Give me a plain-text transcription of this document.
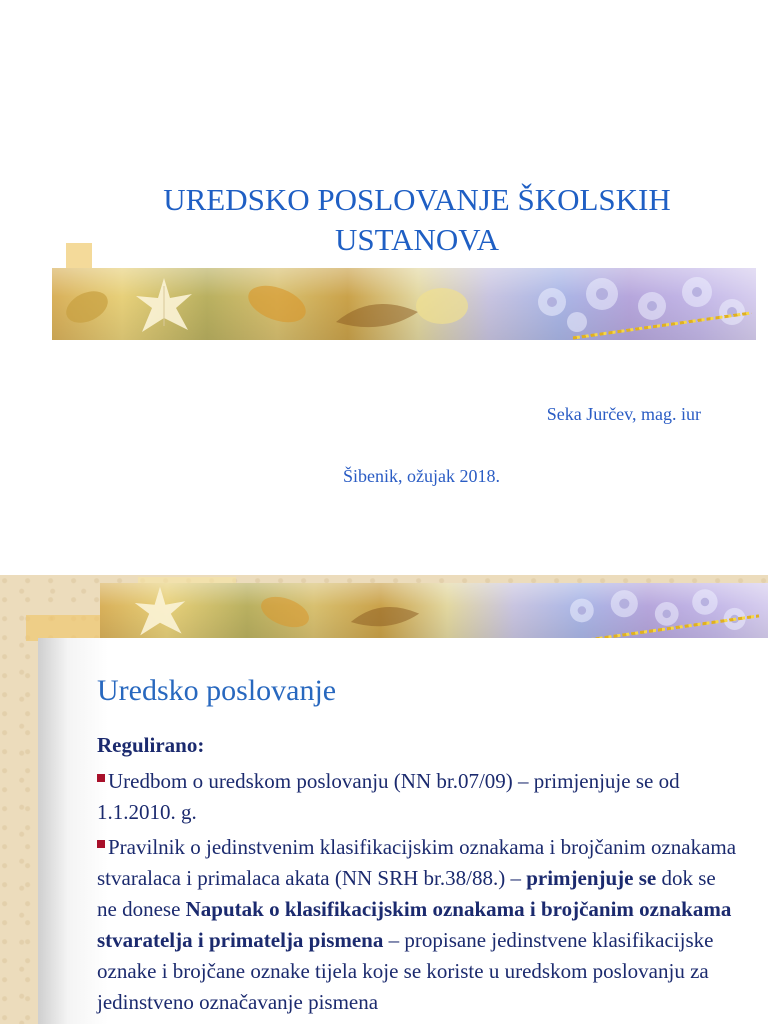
UREDSKO POSLOVANJE ŠKOLSKIH
USTANOVA
Seka Jurčev, mag. iur
Šibenik, ožujak 2018.
Uredsko poslovanje
Regulirano:
Uredbom o uredskom poslovanju (NN br.07/09) – primjenjuje se od 1.1.2010. g.
Pravilnik o jedinstvenim klasifikacijskim oznakama i brojčanim oznakama stvaralaca i primalaca akata (NN SRH br.38/88.) – primjenjuje se dok se ne donese Naputak o klasifikacijskim oznakama i brojčanim oznakama stvaratelja i primatelja pismena – propisane jedinstvene klasifikacijske oznake i brojčane oznake tijela koje se koriste u uredskom poslovanju za jedinstveno označavanje pismena
